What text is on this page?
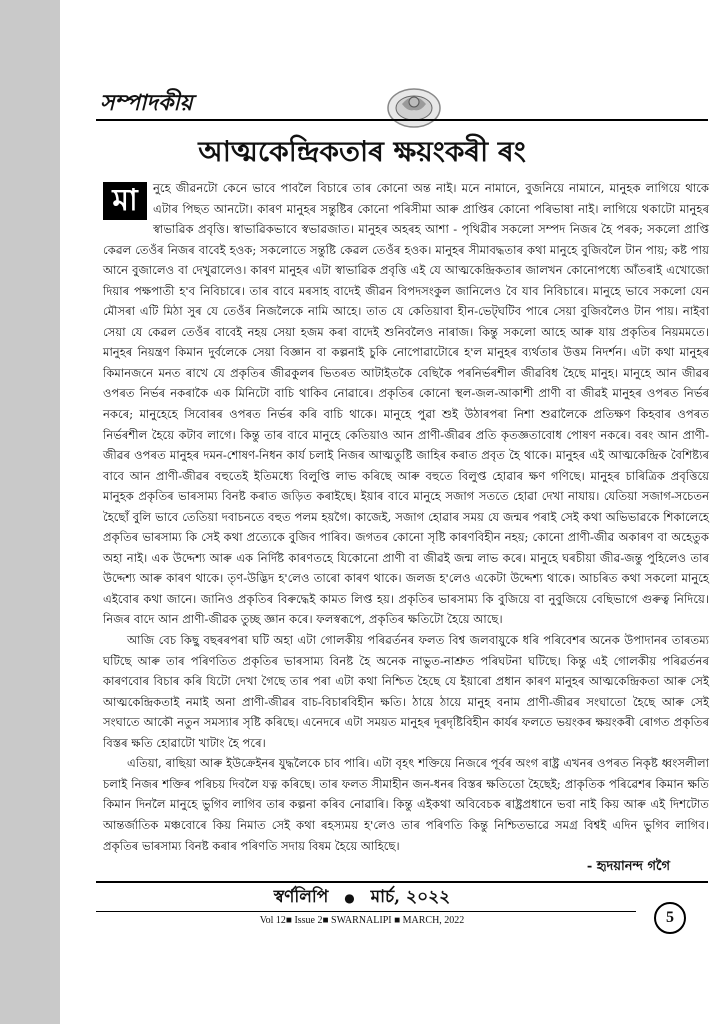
সম্পাদকীয়
আত্মকেন্দ্রিকতাৰ ক্ষয়ংকৰী ৰং

মা	নুহে জীৱনটো কেনে ভাবে পাবলৈ বিচাৰে তাৰ কোনো অন্ত নাই। মনে নামানে, বুজনিয়ে নামানে, মানুহক লাগিয়ে থাকে এটাৰ পিছত আনটো। কাৰণ মানুহৰ সন্তুষ্টিৰ কোনো পৰিসীমা আৰু প্ৰাপ্তিৰ কোনো পৰিভাষা নাই। লাগিয়ে থকাটো মানুহৰ স্বাভাৱিক প্ৰবৃত্তি। স্বাভাৱিকভাবে স্বভাৱজাত। মানুহৰ অহৰহ আশা - পৃথিৱীৰ সকলো সম্পদ নিজৰ হৈ পৰক; সকলো প্ৰাপ্তি কেৱল তেওঁৰ নিজৰ বাবেই হওক; সকলোতে সন্তুষ্টি কেৱল তেওঁৰ হওক। মানুহৰ সীমাবদ্ধতাৰ কথা মানুহে বুজিবলৈ টান পায়; কষ্ট পায় আনে বুজালেও বা দেখুৱালেও। কাৰণ মানুহৰ এটা স্বাভাৱিক প্ৰবৃত্তি এই যে আত্মকেন্দ্ৰিকতাৰ জালখন কোনোপধ্যে আঁতৰাই এখোজো দিয়াৰ পক্ষপাতী হ'ব নিবিচাৰে। তাৰ বাবে মৰসাহ বাদেই জীৱন বিপদসংকুল জানিলেও বৈ যাব নিবিচাৰে। মানুহে ভাবে সকলো যেন মৌসৰা এটি মিঠা সুৰ যে তেওঁৰ নিজলৈকে নামি আহে। তাত যে কেতিয়াবা হীন-ভেট্‌ঘটিব পাৰে সেয়া বুজিবলৈও টান পায়। নাইবা সেয়া যে কেৱল তেওঁৰ বাবেই নহয় সেয়া হজম কৰা বাদেই শুনিবলৈও নাৰাজ। কিন্তু সকলো আহে আৰু যায় প্ৰকৃতিৰ নিয়মমতে। মানুহৰ নিয়ন্ত্ৰণ কিমান দুৰ্বলেকে সেয়া বিজ্ঞান বা কল্পনাই চুকি নোপোৱাটোৰে হ'ল মানুহৰ ব্যৰ্থতাৰ উত্তম নিদৰ্শন। এটা কথা মানুহৰ কিমানজনে মনত ৰাখে যে প্ৰকৃতিৰ জীৱকুলৰ ভিতৰত আটাইতকৈ বেছিকৈ পৰনিৰ্ভৰশীল জীৱবিধ হৈছে মানুহ। মানুহে আন জীৱৰ ওপৰত নিৰ্ভৰ নকৰাকৈ এক মিনিটো বাচি থাকিব নোৱাৰে। প্ৰকৃতিৰ কোনো স্থল-জল-আকাশী প্ৰাণী বা জীৱই মানুহৰ ওপৰত নিৰ্ভৰ নকৰে; মানুহেহে সিবোৰৰ ওপৰত নিৰ্ভৰ কৰি বাচি থাকে। মানুহে পুৱা শুই উঠাৰপৰা নিশা শুৱালৈকে প্ৰতিক্ষণ কিহবাৰ ওপৰত নিৰ্ভৰশীল হৈয়ে কটাব লাগে। কিন্তু তাৰ বাবে মানুহে কেতিয়াও আন প্ৰাণী-জীৱৰ প্ৰতি কৃতজ্ঞতাবোধ পোষণ নকৰে। বৰং আন প্ৰাণী-জীৱৰ ওপৰত মানুহৰ দমন-শোষণ-নিধন কাৰ্য চলাই নিজৰ আত্মতুষ্টি জাহিৰ কৰাত প্ৰবৃত হৈ থাকে। মানুহৰ এই আত্মকেন্দ্ৰিক বৈশিষ্ট্যৰ বাবে আন প্ৰাণী-জীৱৰ বহুতেই ইতিমধ্যে বিলুপ্তি লাভ কৰিছে আৰু বহুতে বিলুপ্ত হোৱাৰ ক্ষণ গণিছে। মানুহৰ চাৰিত্ৰিক প্ৰবৃত্তিয়ে মানুহক প্ৰকৃতিৰ ভাৰসাম্য বিনষ্ট কৰাত জড়িত কৰাইছে। ইয়াৰ বাবে মানুহে সজাগ সততে হোৱা দেখা নাযায়। যেতিয়া সজাগ-সচেতন হৈছোঁ বুলি ভাবে তেতিয়া দবাচনতে বহুত পলম হয়গৈ। কাজেই, সজাগ হোৱাৰ সময় যে জন্মৰ পৰাই সেই কথা অভিভাৱকে শিকালেহে প্ৰকৃতিৰ ভাৰসাম্য কি সেই কথা প্ৰত্যেকে বুজিব পাৰিব। জগতৰ কোনো সৃষ্টি কাৰণবিহীন নহয়; কোনো প্ৰাণী-জীৱ অকাৰণ বা অহেতুক অহা নাই। এক উদ্দেশ্য আৰু এক নিৰ্দিষ্ট কাৰণতহে যিকোনো প্ৰাণী বা জীৱই জন্ম লাভ কৰে। মানুহে ঘৰচীয়া জীৱ-জন্তু পুহিলেও তাৰ উদ্দেশ্য আৰু কাৰণ থাকে। তৃণ-উদ্ভিদ হ'লেও তাৰো কাৰণ থাকে। জলজ হ'লেও একেটা উদ্দেশ্য থাকে। আচৰিত কথা সকলো মানুহে এইবোৰ কথা জানে। জানিও প্ৰকৃতিৰ বিৰুদ্ধেই কামত লিপ্ত হয়। প্ৰকৃতিৰ ভাৰসাম্য কি বুজিয়ে বা নুবুজিয়ে বেছিভাগে গুৰুত্ব নিদিয়ে। নিজৰ বাদে আন প্ৰাণী-জীৱক তুচ্ছ জ্ঞান কৰে। ফলস্বৰূপে, প্ৰকৃতিৰ ক্ষতিটো হৈয়ে আছে।

আজি বেচ কিছু বছৰৰপৰা ঘটি অহা এটা গোলকীয় পৰিৱৰ্তনৰ ফলত বিশ্ব জলবায়ুকে ধৰি পৰিবেশৰ অনেক উপাদানৰ তাৰতম্য ঘটিছে আৰু তাৰ পৰিণতিত প্ৰকৃতিৰ ভাৰসাম্য বিনষ্ট হৈ অনেক নাভুত-নাশ্ৰুত পৰিঘটনা ঘটিছে। কিন্তু এই গোলকীয় পৰিৱৰ্তনৰ কাৰণবোৰ বিচাৰ কৰি যিটো দেখা গৈছে তাৰ পৰা এটা কথা নিশ্চিত হৈছে যে ইয়াৰো প্ৰধান কাৰণ মানুহৰ আত্মকেন্দ্ৰিকতা আৰু সেই আত্মকেন্দ্ৰিকতাই নমাই অনা প্ৰাণী-জীৱৰ বাচ-বিচাৰবিহীন ক্ষতি। ঠায়ে ঠায়ে মানুহ বনাম প্ৰাণী-জীৱৰ সংঘাতো হৈছে আৰু সেই সংঘাতে আকৌ নতুন সমস্যাৰ সৃষ্টি কৰিছে। এনেদৰে এটা সময়ত মানুহৰ দূৰদৃষ্টিবিহীন কাৰ্যৰ ফলতে ভয়ংকৰ ক্ষয়ংকৰী ৰোগত প্ৰকৃতিৰ বিস্তৰ ক্ষতি হোৱাটো খাটাং হৈ পৰে।

এতিয়া, ৰাছিয়া আৰু ইউক্ৰেইনৰ যুদ্ধলৈকে চাব পাৰি। এটা বৃহৎ শক্তিয়ে নিজৰে পূৰ্বৰ অংগ ৰাষ্ট্ৰ এখনৰ ওপৰত নিকৃষ্ট ধ্বংসলীলা চলাই নিজৰ শক্তিৰ পৰিচয় দিবলৈ যত্ন কৰিছে। তাৰ ফলত সীমাহীন জন-ধনৰ বিস্তৰ ক্ষতিতো হৈছেই; প্ৰাকৃতিক পৰিৱেশৰ কিমান ক্ষতি কিমান দিনলৈ মানুহে ভুগিব লাগিব তাৰ কল্পনা কৰিব নোৱাৰি। কিন্তু এইকথা অবিবেচক ৰাষ্ট্ৰপ্ৰধানে ভবা নাই কিয় আৰু এই দিশটোত আন্তৰ্জাতিক মঞ্চবোৰে কিয় নিমাত সেই কথা ৰহস্যময় হ'লেও তাৰ পৰিণতি কিন্তু নিশ্চিতভাৱে সমগ্ৰ বিশ্বই এদিন ভুগিব লাগিব। প্ৰকৃতিৰ ভাৰসাম্য বিনষ্ট কৰাৰ পৰিণতি সদায় বিষম হৈয়ে আহিছে।

- হৃদয়ানন্দ গগৈ
স্বৰ্ণলিপি ● মাৰ্চ, ২০২২
Vol 12■ Issue 2■ SWARNALIPI ■ MARCH, 2022	5
